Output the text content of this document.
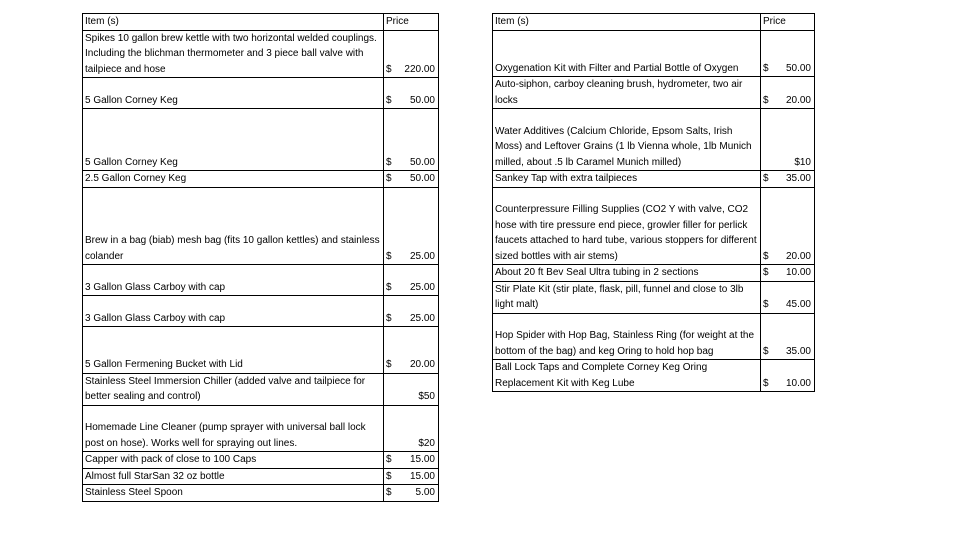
Item (s)	Price
Spikes 10 gallon brew kettle with two horizontal welded couplings. Including the blichman thermometer and 3 piece ball valve with tailpiece and hose	$ 220.00

5 Gallon Corney Keg	$ 50.00

5 Gallon Corney Keg	$ 50.00

2.5 Gallon Corney Keg	$ 50.00

Brew in a bag (biab) mesh bag (fits 10 gallon kettles) and stainless colander	$ 25.00

3 Gallon Glass Carboy with cap	$ 25.00

3 Gallon Glass Carboy with cap	$ 25.00

5 Gallon Fermening Bucket with Lid	$ 20.00

Stainless Steel Immersion Chiller (added valve and tailpiece for better sealing and control)	$50

Homemade Line Cleaner (pump sprayer with universal ball lock post on hose). Works well for spraying out lines.	$20

Capper with pack of close to 100 Caps	$ 15.00

Almost full StarSan 32 oz bottle	$ 15.00

Stainless Steel Spoon	$ 5.00
Item (s)	Price
Oxygenation Kit with Filter and Partial Bottle of Oxygen	$ 50.00

Auto-siphon, carboy cleaning brush, hydrometer, two air locks	$ 20.00

Water Additives (Calcium Chloride, Epsom Salts, Irish Moss) and Leftover Grains (1 lb Vienna whole, 1lb Munich milled, about .5 lb Caramel Munich milled)	$10

Sankey Tap with extra tailpieces	$ 35.00

Counterpressure Filling Supplies (CO2 Y with valve, CO2 hose with tire pressure end piece, growler filler for perlick faucets attached to hard tube, various stoppers for different sized bottles with air stems)	$ 20.00

About 20 ft Bev Seal Ultra tubing in 2 sections	$ 10.00

Stir Plate Kit (stir plate, flask, pill, funnel and close to 3lb light malt)	$ 45.00

Hop Spider with Hop Bag, Stainless Ring (for weight at the bottom of the bag) and keg Oring to hold hop bag	$ 35.00

Ball Lock Taps and Complete Corney Keg Oring Replacement Kit with Keg Lube	$ 10.00
